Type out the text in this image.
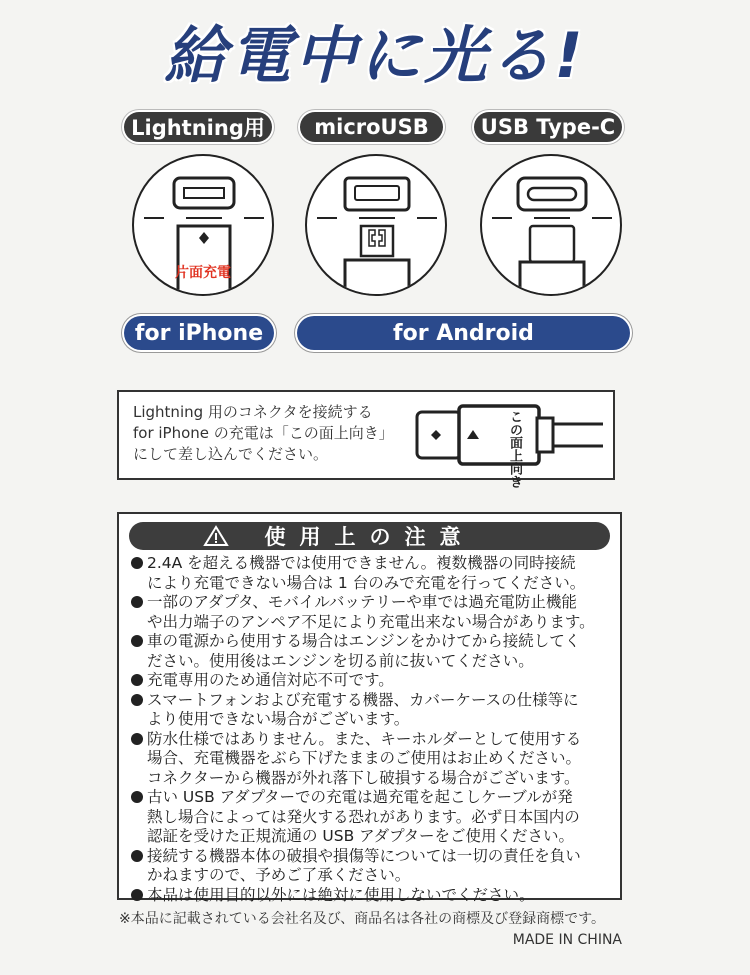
給電中に光る!
Lightning用	microUSB	USB Type-C
片面充電
for iPhone	for Android
Lightning 用のコネクタを接続する
for iPhone の充電は「この面上向き」
にして差し込んでください。	この面上向き
使用上の注意
2.4A を超える機器では使用できません。複数機器の同時接続
により充電できない場合は 1 台のみで充電を行ってください。
一部のアダプタ、モバイルバッテリーや車では過充電防止機能
や出力端子のアンペア不足により充電出来ない場合があります。
車の電源から使用する場合はエンジンをかけてから接続してく
ださい。使用後はエンジンを切る前に抜いてください。
充電専用のため通信対応不可です。
スマートフォンおよび充電する機器、カバーケースの仕様等に
より使用できない場合がございます。
防水仕様ではありません。また、キーホルダーとして使用する
場合、充電機器をぶら下げたままのご使用はお止めください。
コネクターから機器が外れ落下し破損する場合がございます。
古い USB アダプターでの充電は過充電を起こしケーブルが発
熱し場合によっては発火する恐れがあります。必ず日本国内の
認証を受けた正規流通の USB アダプターをご使用ください。
接続する機器本体の破損や損傷等については一切の責任を負い
かねますので、予めご了承ください。
本品は使用目的以外には絶対に使用しないでください。
※本品に記載されている会社名及び、商品名は各社の商標及び登録商標です。
MADE IN CHINA
